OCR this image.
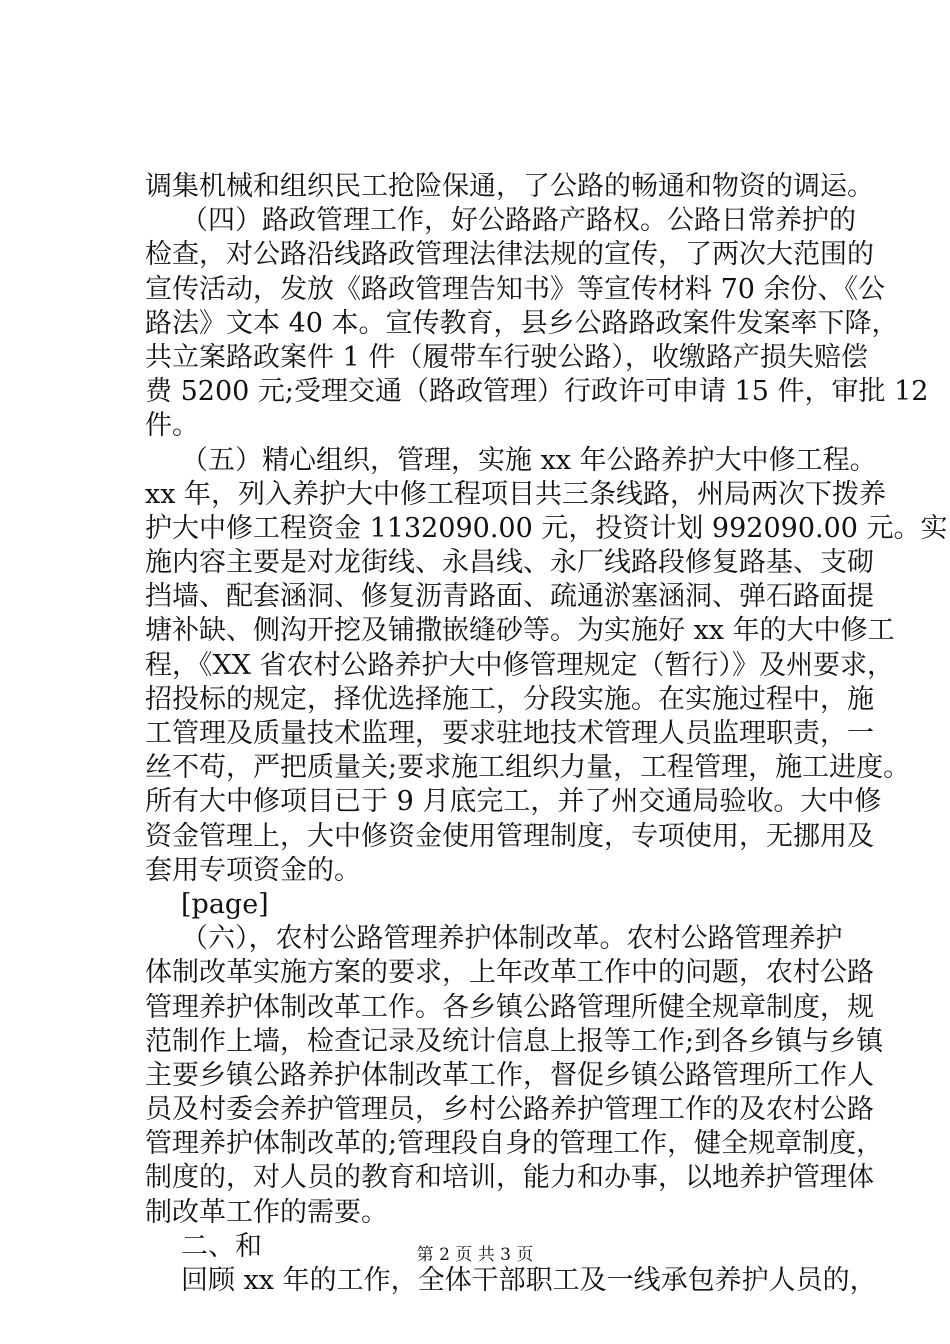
调集机械和组织民工抢险保通，了公路的畅通和物资的调运。
（四）路政管理工作，好公路路产路权。公路日常养护的
检查，对公路沿线路政管理法律法规的宣传，了两次大范围的
宣传活动，发放《路政管理告知书》等宣传材料 70 余份、《公
路法》文本 40 本。宣传教育，县乡公路路政案件发案率下降，
共立案路政案件 1 件（履带车行驶公路），收缴路产损失赔偿
费 5200 元;受理交通（路政管理）行政许可申请 15 件，审批 12
件。
（五）精心组织，管理，实施 xx 年公路养护大中修工程。
xx 年，列入养护大中修工程项目共三条线路，州局两次下拨养
护大中修工程资金 1132090.00 元，投资计划 992090.00 元。实
施内容主要是对龙街线、永昌线、永厂线路段修复路基、支砌
挡墙、配套涵洞、修复沥青路面、疏通淤塞涵洞、弹石路面提
塘补缺、侧沟开挖及铺撒嵌缝砂等。为实施好 xx 年的大中修工
程，《XX 省农村公路养护大中修管理规定（暂行）》及州要求，
招投标的规定，择优选择施工，分段实施。在实施过程中，施
工管理及质量技术监理，要求驻地技术管理人员监理职责，一
丝不苟，严把质量关;要求施工组织力量，工程管理，施工进度。
所有大中修项目已于 9 月底完工，并了州交通局验收。大中修
资金管理上，大中修资金使用管理制度，专项使用，无挪用及
套用专项资金的。
[page]
（六），农村公路管理养护体制改革。农村公路管理养护
体制改革实施方案的要求，上年改革工作中的问题，农村公路
管理养护体制改革工作。各乡镇公路管理所健全规章制度，规
范制作上墙，检查记录及统计信息上报等工作;到各乡镇与乡镇
主要乡镇公路养护体制改革工作，督促乡镇公路管理所工作人
员及村委会养护管理员，乡村公路养护管理工作的及农村公路
管理养护体制改革的;管理段自身的管理工作，健全规章制度，
制度的，对人员的教育和培训，能力和办事，以地养护管理体
制改革工作的需要。
二、和
回顾 xx 年的工作，全体干部职工及一线承包养护人员的，
第 2 页 共 3 页
